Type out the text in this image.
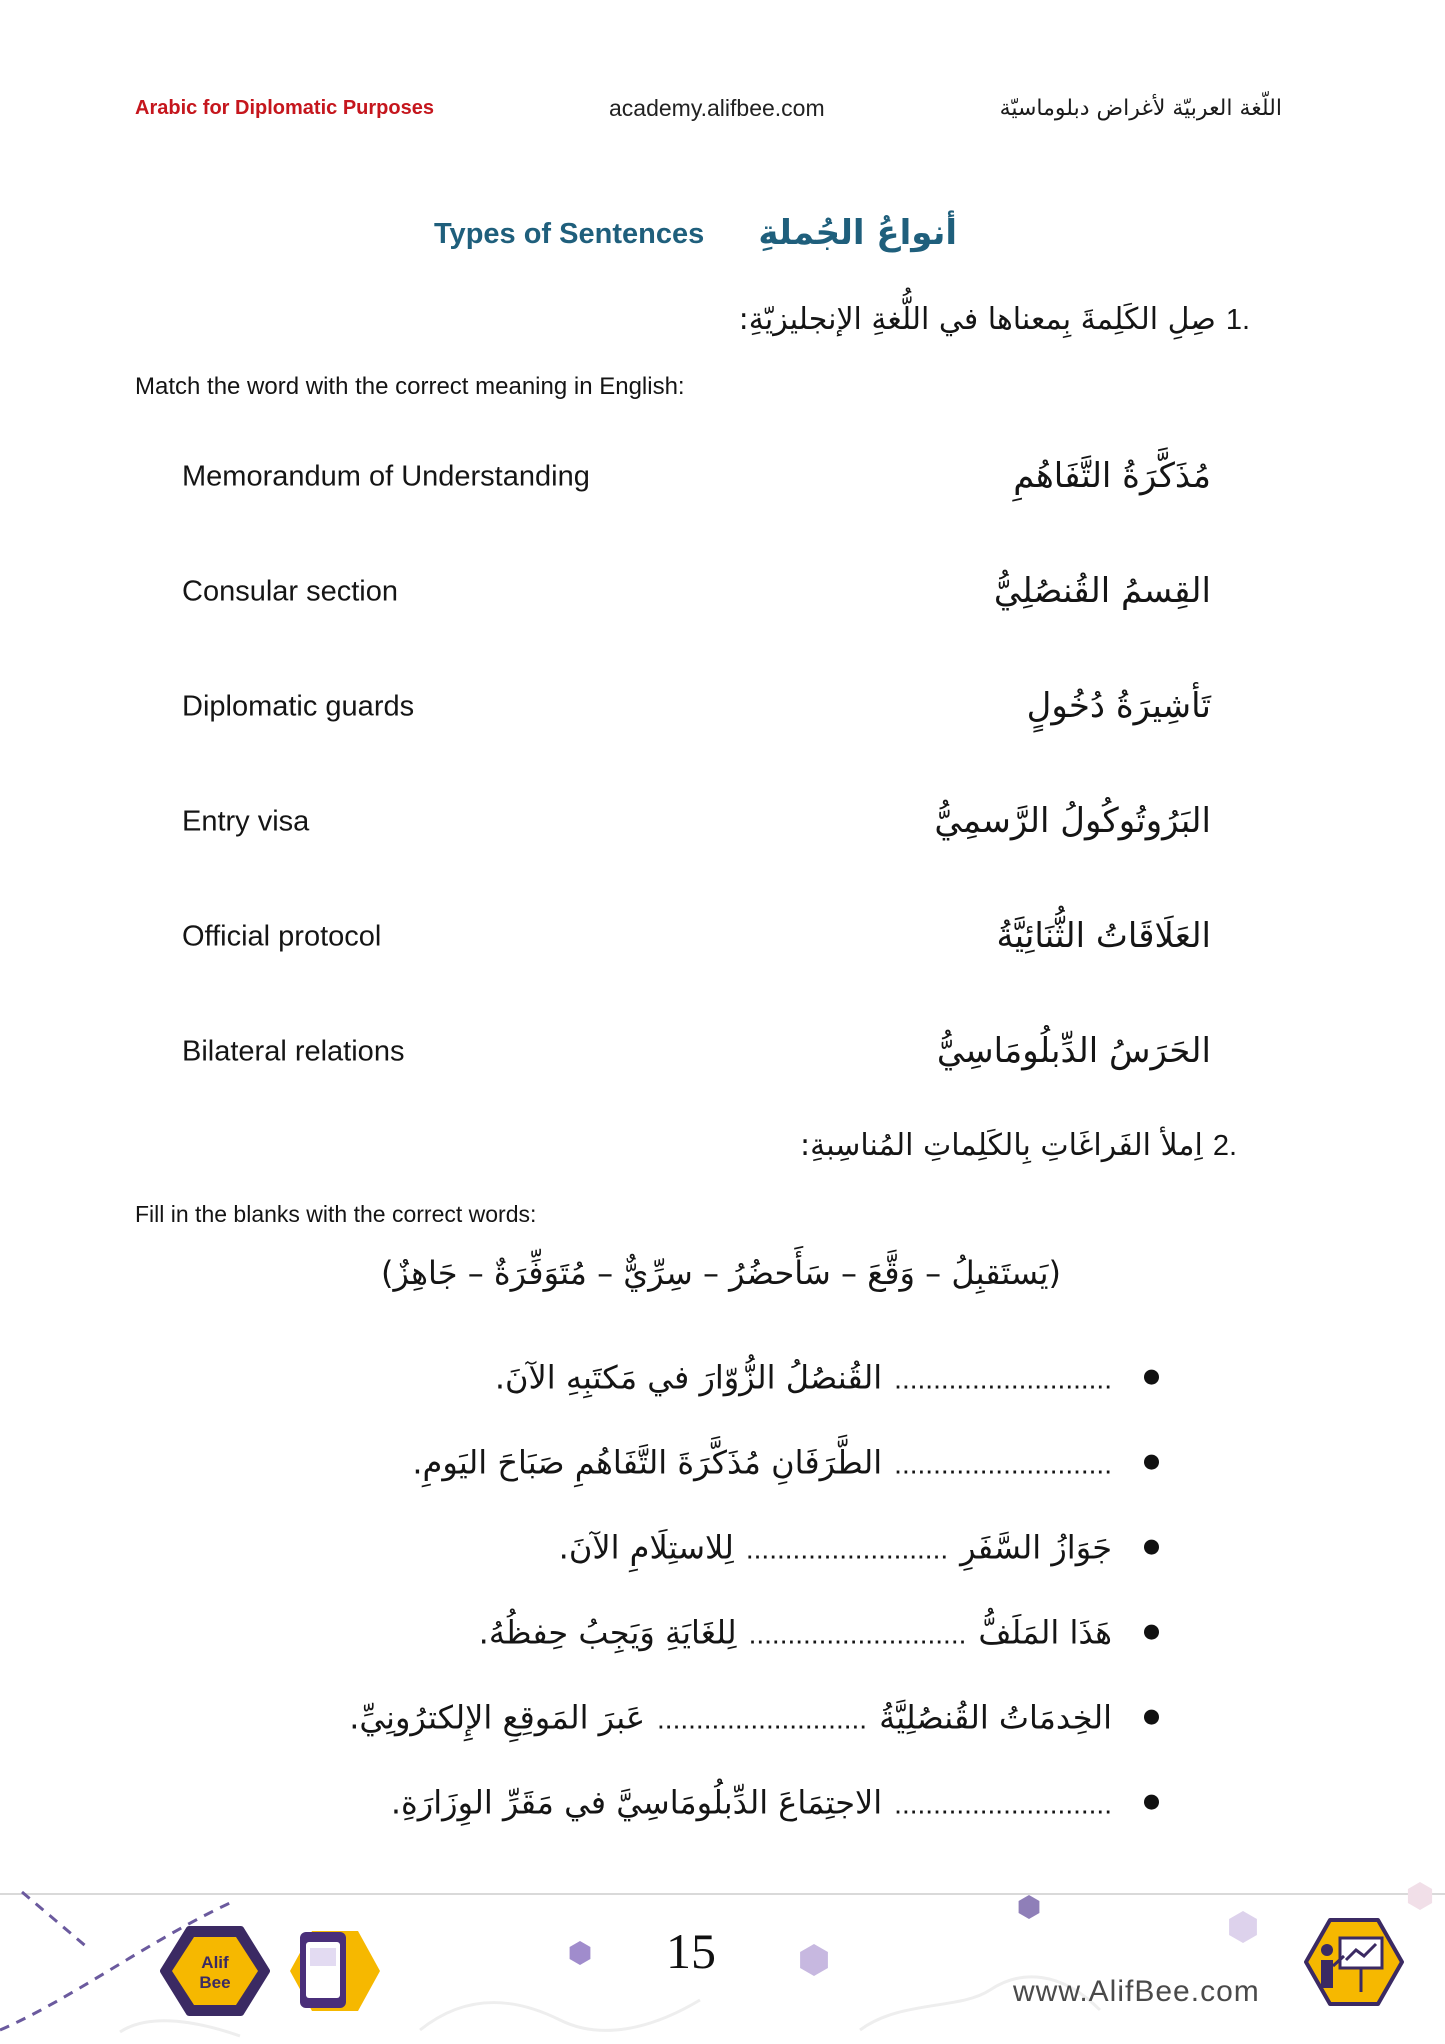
Arabic for Diplomatic Purposes	academy.alifbee.com	اللّغة العربيّة لأغراض دبلوماسيّة
Types of Sentences أنواعُ الجُملةِ
1.
صِلِ الكَلِمةَ بِمعناها في اللُّغةِ الإنجليزيّةِ:
Match the word with the correct meaning in English:
Memorandum of Understanding	مُذَكَّرَةُ التَّفَاهُمِ
Consular section	القِسمُ القُنصُلِيُّ
Diplomatic guards	تَأشِيرَةُ دُخُولٍ
Entry visa	البَرُوتُوكُولُ الرَّسمِيُّ
Official protocol	العَلَاقَاتُ الثُّنَائِيَّةُ
Bilateral relations	الحَرَسُ الدِّبلُومَاسِيُّ
2.
اِملأ الفَراغَاتِ بِالكَلِماتِ المُناسِبةِ:
Fill in the blanks with the correct words:
(يَستَقبِلُ – وَقَّعَ – سَأَحضُرُ – سِرِّيٌّ – مُتَوَفِّرَةٌ – جَاهِزٌ)
............................
القُنصُلُ الزُّوّارَ في مَكتَبِهِ الآنَ.
............................
الطَّرَفَانِ مُذَكَّرَةَ التَّفَاهُمِ صَبَاحَ اليَومِ.
جَوَازُ السَّفَرِ
..........................
لِلاستِلَامِ الآنَ.
هَذَا المَلَفُّ
............................
لِلغَايَةِ وَيَجِبُ حِفظُهُ.
الخِدمَاتُ القُنصُلِيَّةُ
...........................
عَبرَ المَوقِعِ الإِلكترُونِيِّ.
............................
الاجتِمَاعَ الدِّبلُومَاسِيَّ في مَقَرِّ الوِزَارَةِ.
Alif
Bee
15
www.AlifBee.com
